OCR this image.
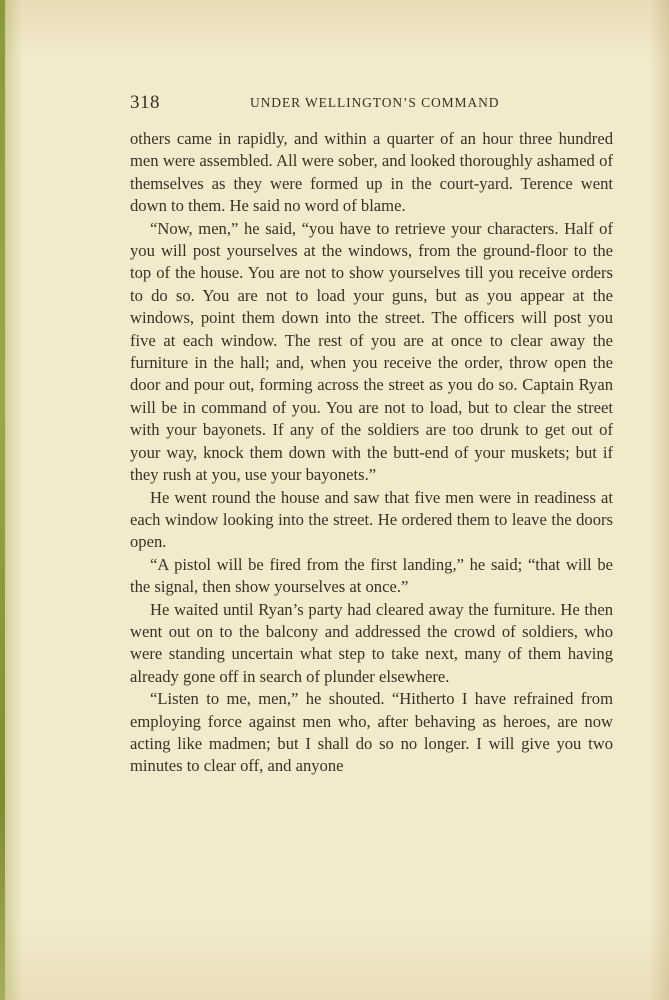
318	UNDER WELLINGTON’S COMMAND

others came in rapidly, and within a quarter of an hour three hundred men were assembled. All were sober, and looked thoroughly ashamed of themselves as they were formed up in the court-yard. Terence went down to them. He said no word of blame.

“Now, men,” he said, “you have to retrieve your characters. Half of you will post yourselves at the windows, from the ground-floor to the top of the house. You are not to show yourselves till you receive orders to do so. You are not to load your guns, but as you appear at the windows, point them down into the street. The officers will post you five at each window. The rest of you are at once to clear away the furniture in the hall; and, when you receive the order, throw open the door and pour out, forming across the street as you do so. Captain Ryan will be in command of you. You are not to load, but to clear the street with your bayonets. If any of the soldiers are too drunk to get out of your way, knock them down with the butt-end of your muskets; but if they rush at you, use your bayonets.”

He went round the house and saw that five men were in readiness at each window looking into the street. He ordered them to leave the doors open.

“A pistol will be fired from the first landing,” he said; “that will be the signal, then show yourselves at once.”

He waited until Ryan’s party had cleared away the furniture. He then went out on to the balcony and addressed the crowd of soldiers, who were standing uncertain what step to take next, many of them having already gone off in search of plunder elsewhere.

“Listen to me, men,” he shouted. “Hitherto I have refrained from employing force against men who, after behaving as heroes, are now acting like madmen; but I shall do so no longer. I will give you two minutes to clear off, and anyone
